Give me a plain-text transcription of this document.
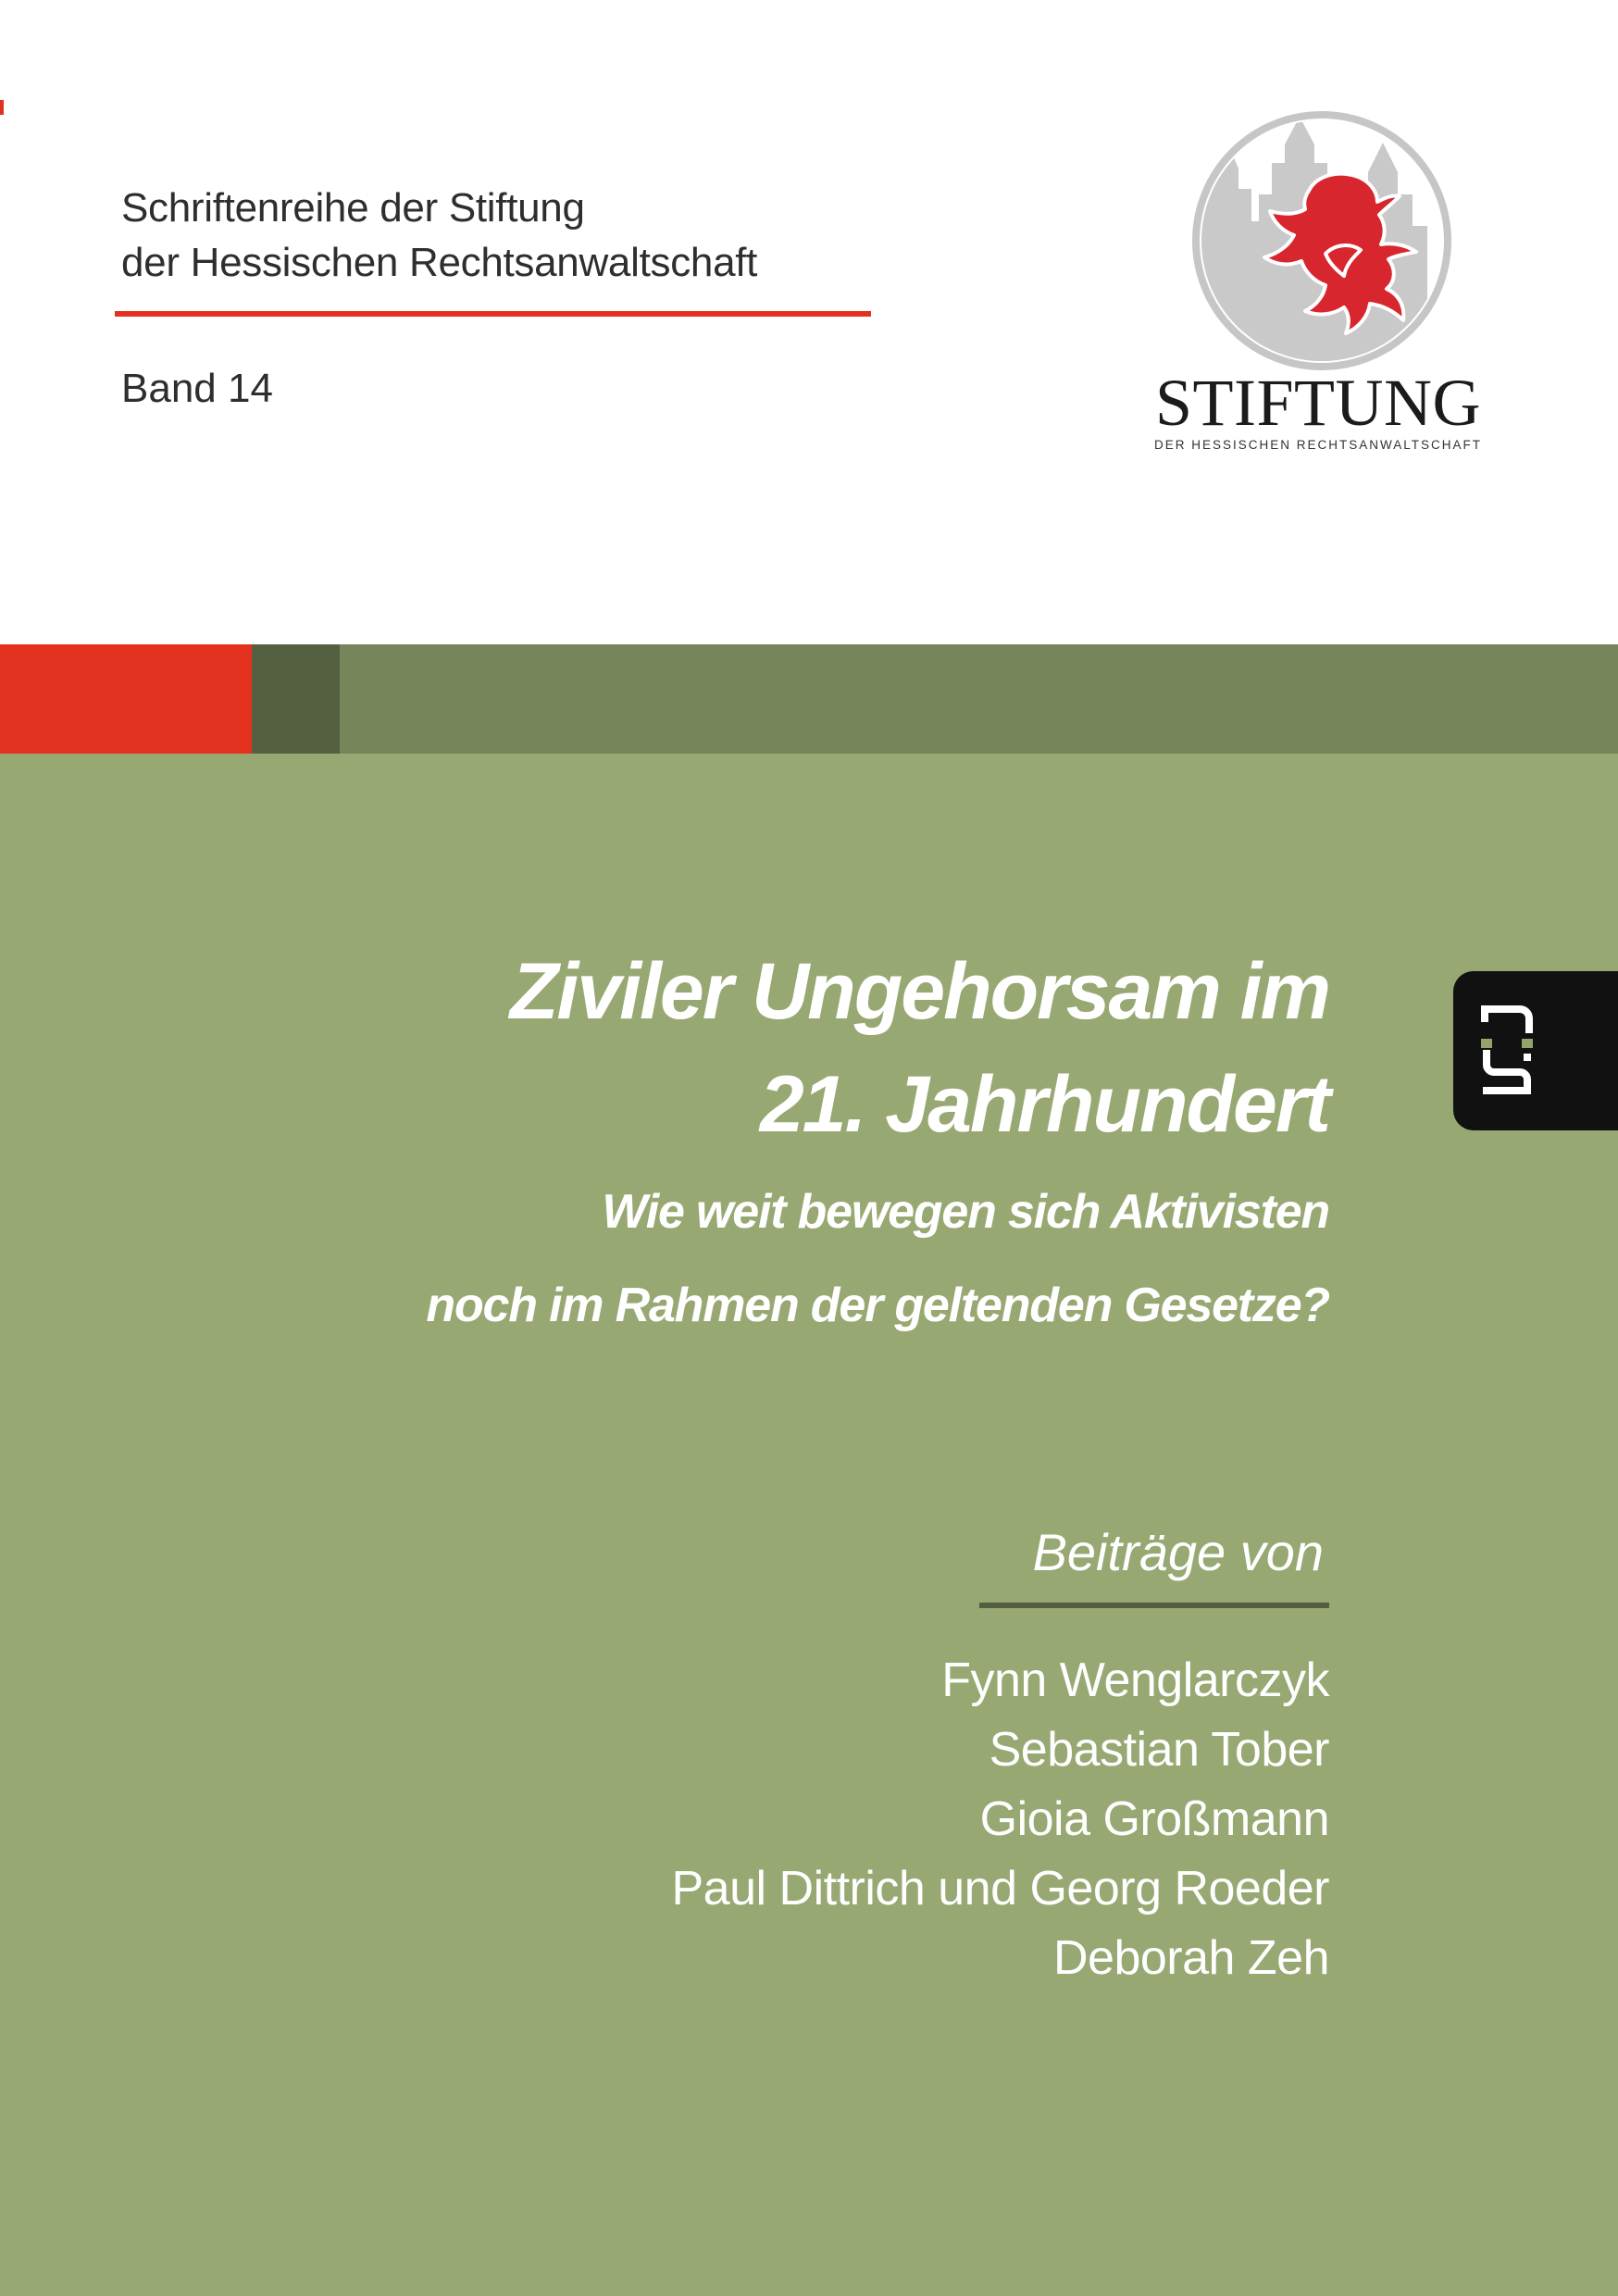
Schriftenreihe der Stiftung
der Hessischen Rechtsanwaltschaft
Band 14	STIFTUNG
DER HESSISCHEN RECHTSANWALTSCHAFT
Ziviler Ungehorsam im
21. Jahrhundert
Wie weit bewegen sich Aktivisten
noch im Rahmen der geltenden Gesetze?
Beiträge von
Fynn Wenglarczyk
Sebastian Tober
Gioia Großmann
Paul Dittrich und Georg Roeder
Deborah Zeh
